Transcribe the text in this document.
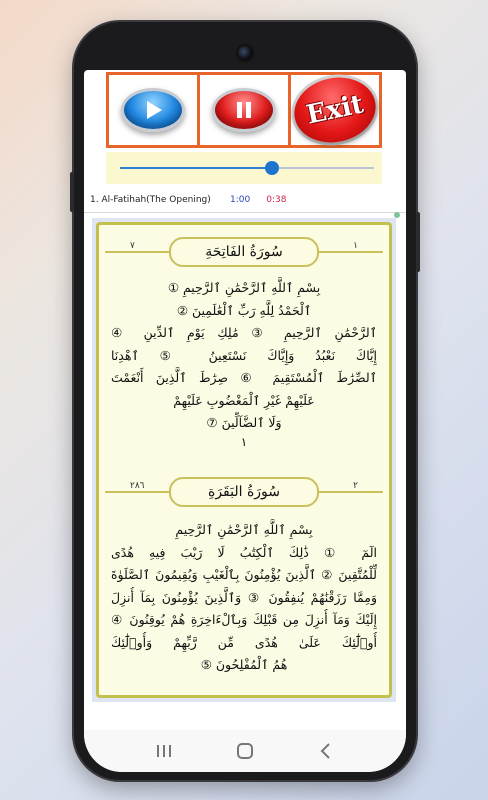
Exit
1. Al-Fatihah(The Opening)	1:00 0:38
٧	١
سُورَةُ الفَاتِحَةِ
بِسْمِ ٱللَّهِ ٱلرَّحْمَٰنِ ٱلرَّحِيمِ ①
ٱلْحَمْدُ لِلَّهِ رَبِّ ٱلْعَٰلَمِينَ ②
ٱلرَّحْمَٰنِ ٱلرَّحِيمِ ③ مَٰلِكِ يَوْمِ ٱلدِّينِ ④
إِيَّاكَ نَعْبُدُ وَإِيَّاكَ نَسْتَعِينُ ⑤ ٱهْدِنَا
ٱلصِّرَٰطَ ٱلْمُسْتَقِيمَ ⑥ صِرَٰطَ ٱلَّذِينَ أَنْعَمْتَ
عَلَيْهِمْ غَيْرِ ٱلْمَغْضُوبِ عَلَيْهِمْ
وَلَا ٱلضَّآلِّينَ ⑦
١
٢٨٦	٢
سُورَةُ البَقَرَةِ
بِسْمِ ٱللَّهِ ٱلرَّحْمَٰنِ ٱلرَّحِيمِ
الٓمٓ ① ذَٰلِكَ ٱلْكِتَٰبُ لَا رَيْبَ فِيهِ هُدًى
لِّلْمُتَّقِينَ ② ٱلَّذِينَ يُؤْمِنُونَ بِٱلْغَيْبِ وَيُقِيمُونَ ٱلصَّلَوٰةَ
وَمِمَّا رَزَقْنَٰهُمْ يُنفِقُونَ ③ وَٱلَّذِينَ يُؤْمِنُونَ بِمَآ أُنزِلَ
إِلَيْكَ وَمَآ أُنزِلَ مِن قَبْلِكَ وَبِٱلْءَاخِرَةِ هُمْ يُوقِنُونَ ④
أُو۟لَٰٓئِكَ عَلَىٰ هُدًى مِّن رَّبِّهِمْ وَأُو۟لَٰٓئِكَ
هُمُ ٱلْمُفْلِحُونَ ⑤
